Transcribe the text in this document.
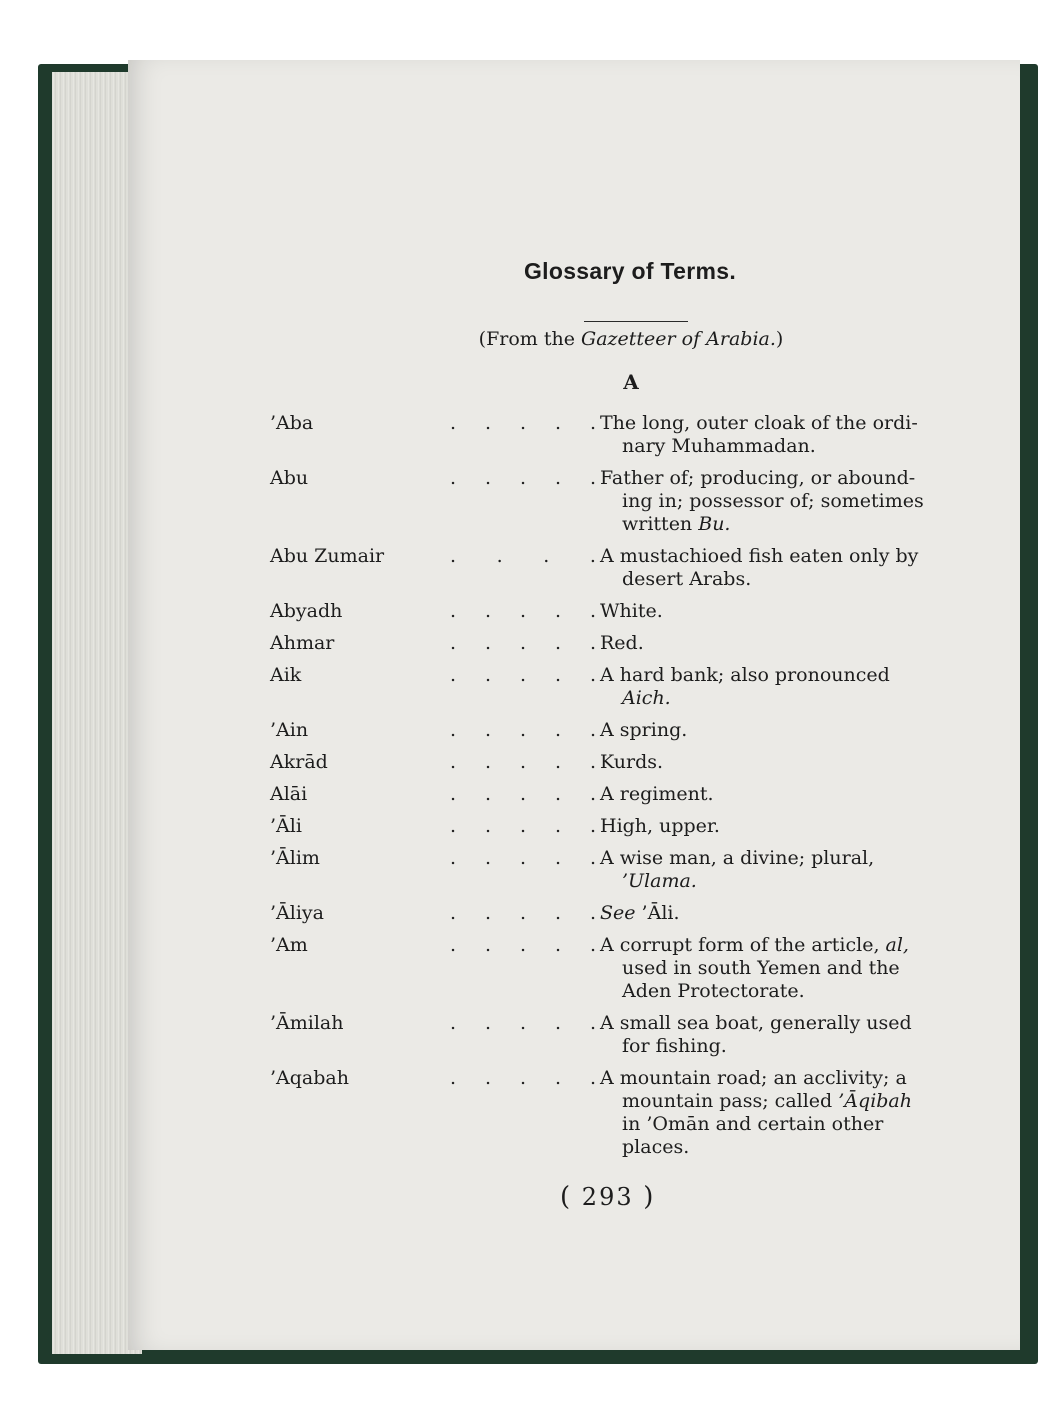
Glossary of Terms.
(From the Gazetteer of Arabia.)
A
’Aba	. . . . . The long, outer cloak of the ordi-
nary Muhammadan.
Abu	. . . . . Father of; producing, or abound-
ing in; possessor of; sometimes
written Bu.
Abu Zumair	. . . . A mustachioed fish eaten only by
desert Arabs.
Abyadh	. . . . . White.
Ahmar	. . . . . Red.
Aik	. . . . . A hard bank; also pronounced
Aich.
’Ain	. . . . . A spring.
Akrād	. . . . . Kurds.
Alāi	. . . . . A regiment.
’Āli	. . . . . High, upper.
’Ālim	. . . . . A wise man, a divine; plural,
’Ulama.
’Āliya	. . . . . See ’Āli.
’Am	. . . . . A corrupt form of the article, al,
used in south Yemen and the
Aden Protectorate.
’Āmilah	. . . . . A small sea boat, generally used
for fishing.
’Aqabah	. . . . . A mountain road; an acclivity; a
mountain pass; called ’Āqibah
in ’Omān and certain other
places.
( 293 )
